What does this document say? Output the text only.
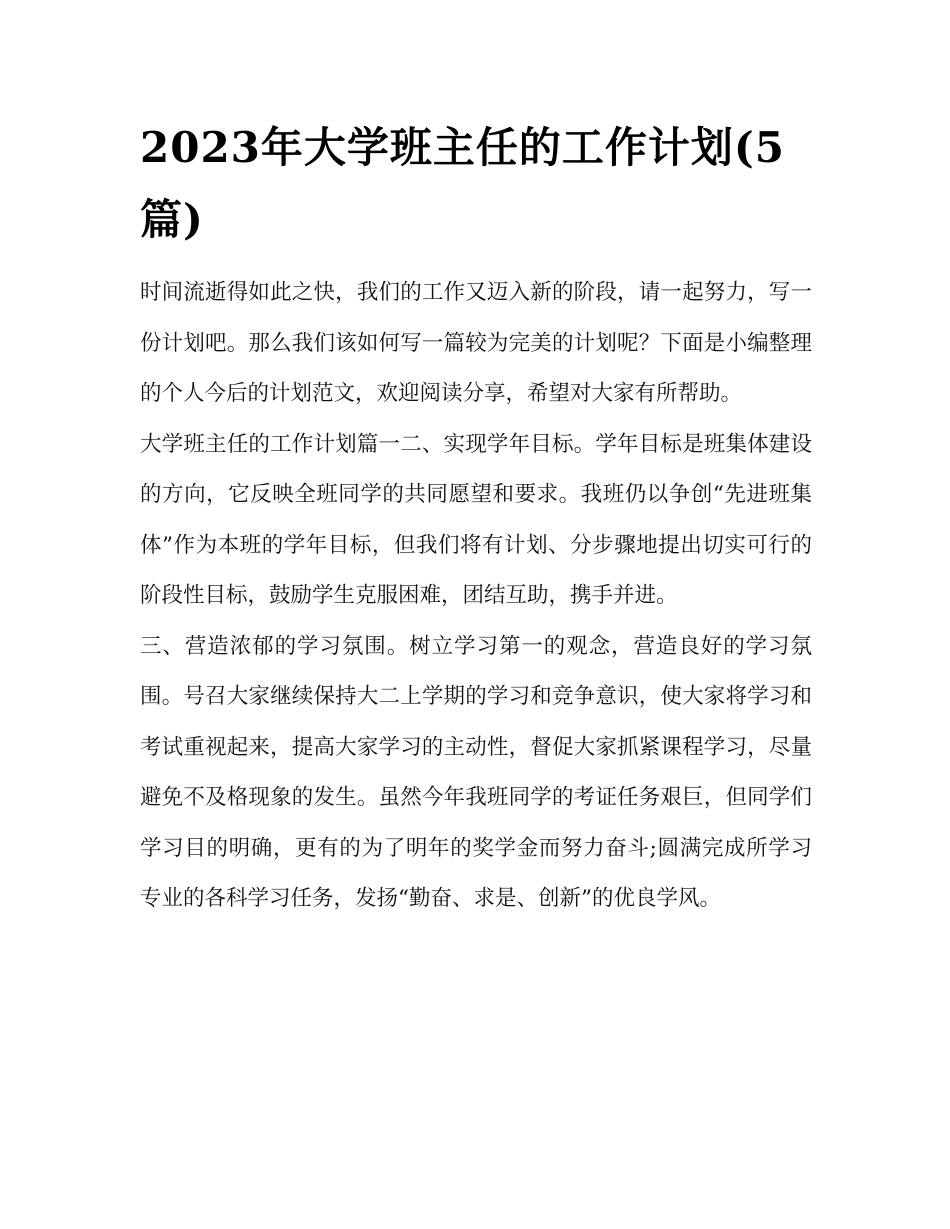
2023年大学班主任的工作计划(5篇)

时间流逝得如此之快，我们的工作又迈入新的阶段，请一起努力，写一份计划吧。那么我们该如何写一篇较为完美的计划呢？下面是小编整理的个人今后的计划范文，欢迎阅读分享，希望对大家有所帮助。

大学班主任的工作计划篇一二、实现学年目标。学年目标是班集体建设的方向，它反映全班同学的共同愿望和要求。我班仍以争创“先进班集体”作为本班的学年目标，但我们将有计划、分步骤地提出切实可行的阶段性目标，鼓励学生克服困难，团结互助，携手并进。

三、营造浓郁的学习氛围。树立学习第一的观念，营造良好的学习氛围。号召大家继续保持大二上学期的学习和竞争意识，使大家将学习和考试重视起来，提高大家学习的主动性，督促大家抓紧课程学习，尽量避免不及格现象的发生。虽然今年我班同学的考证任务艰巨，但同学们学习目的明确，更有的为了明年的奖学金而努力奋斗;圆满完成所学习专业的各科学习任务，发扬“勤奋、求是、创新”的优良学风。
